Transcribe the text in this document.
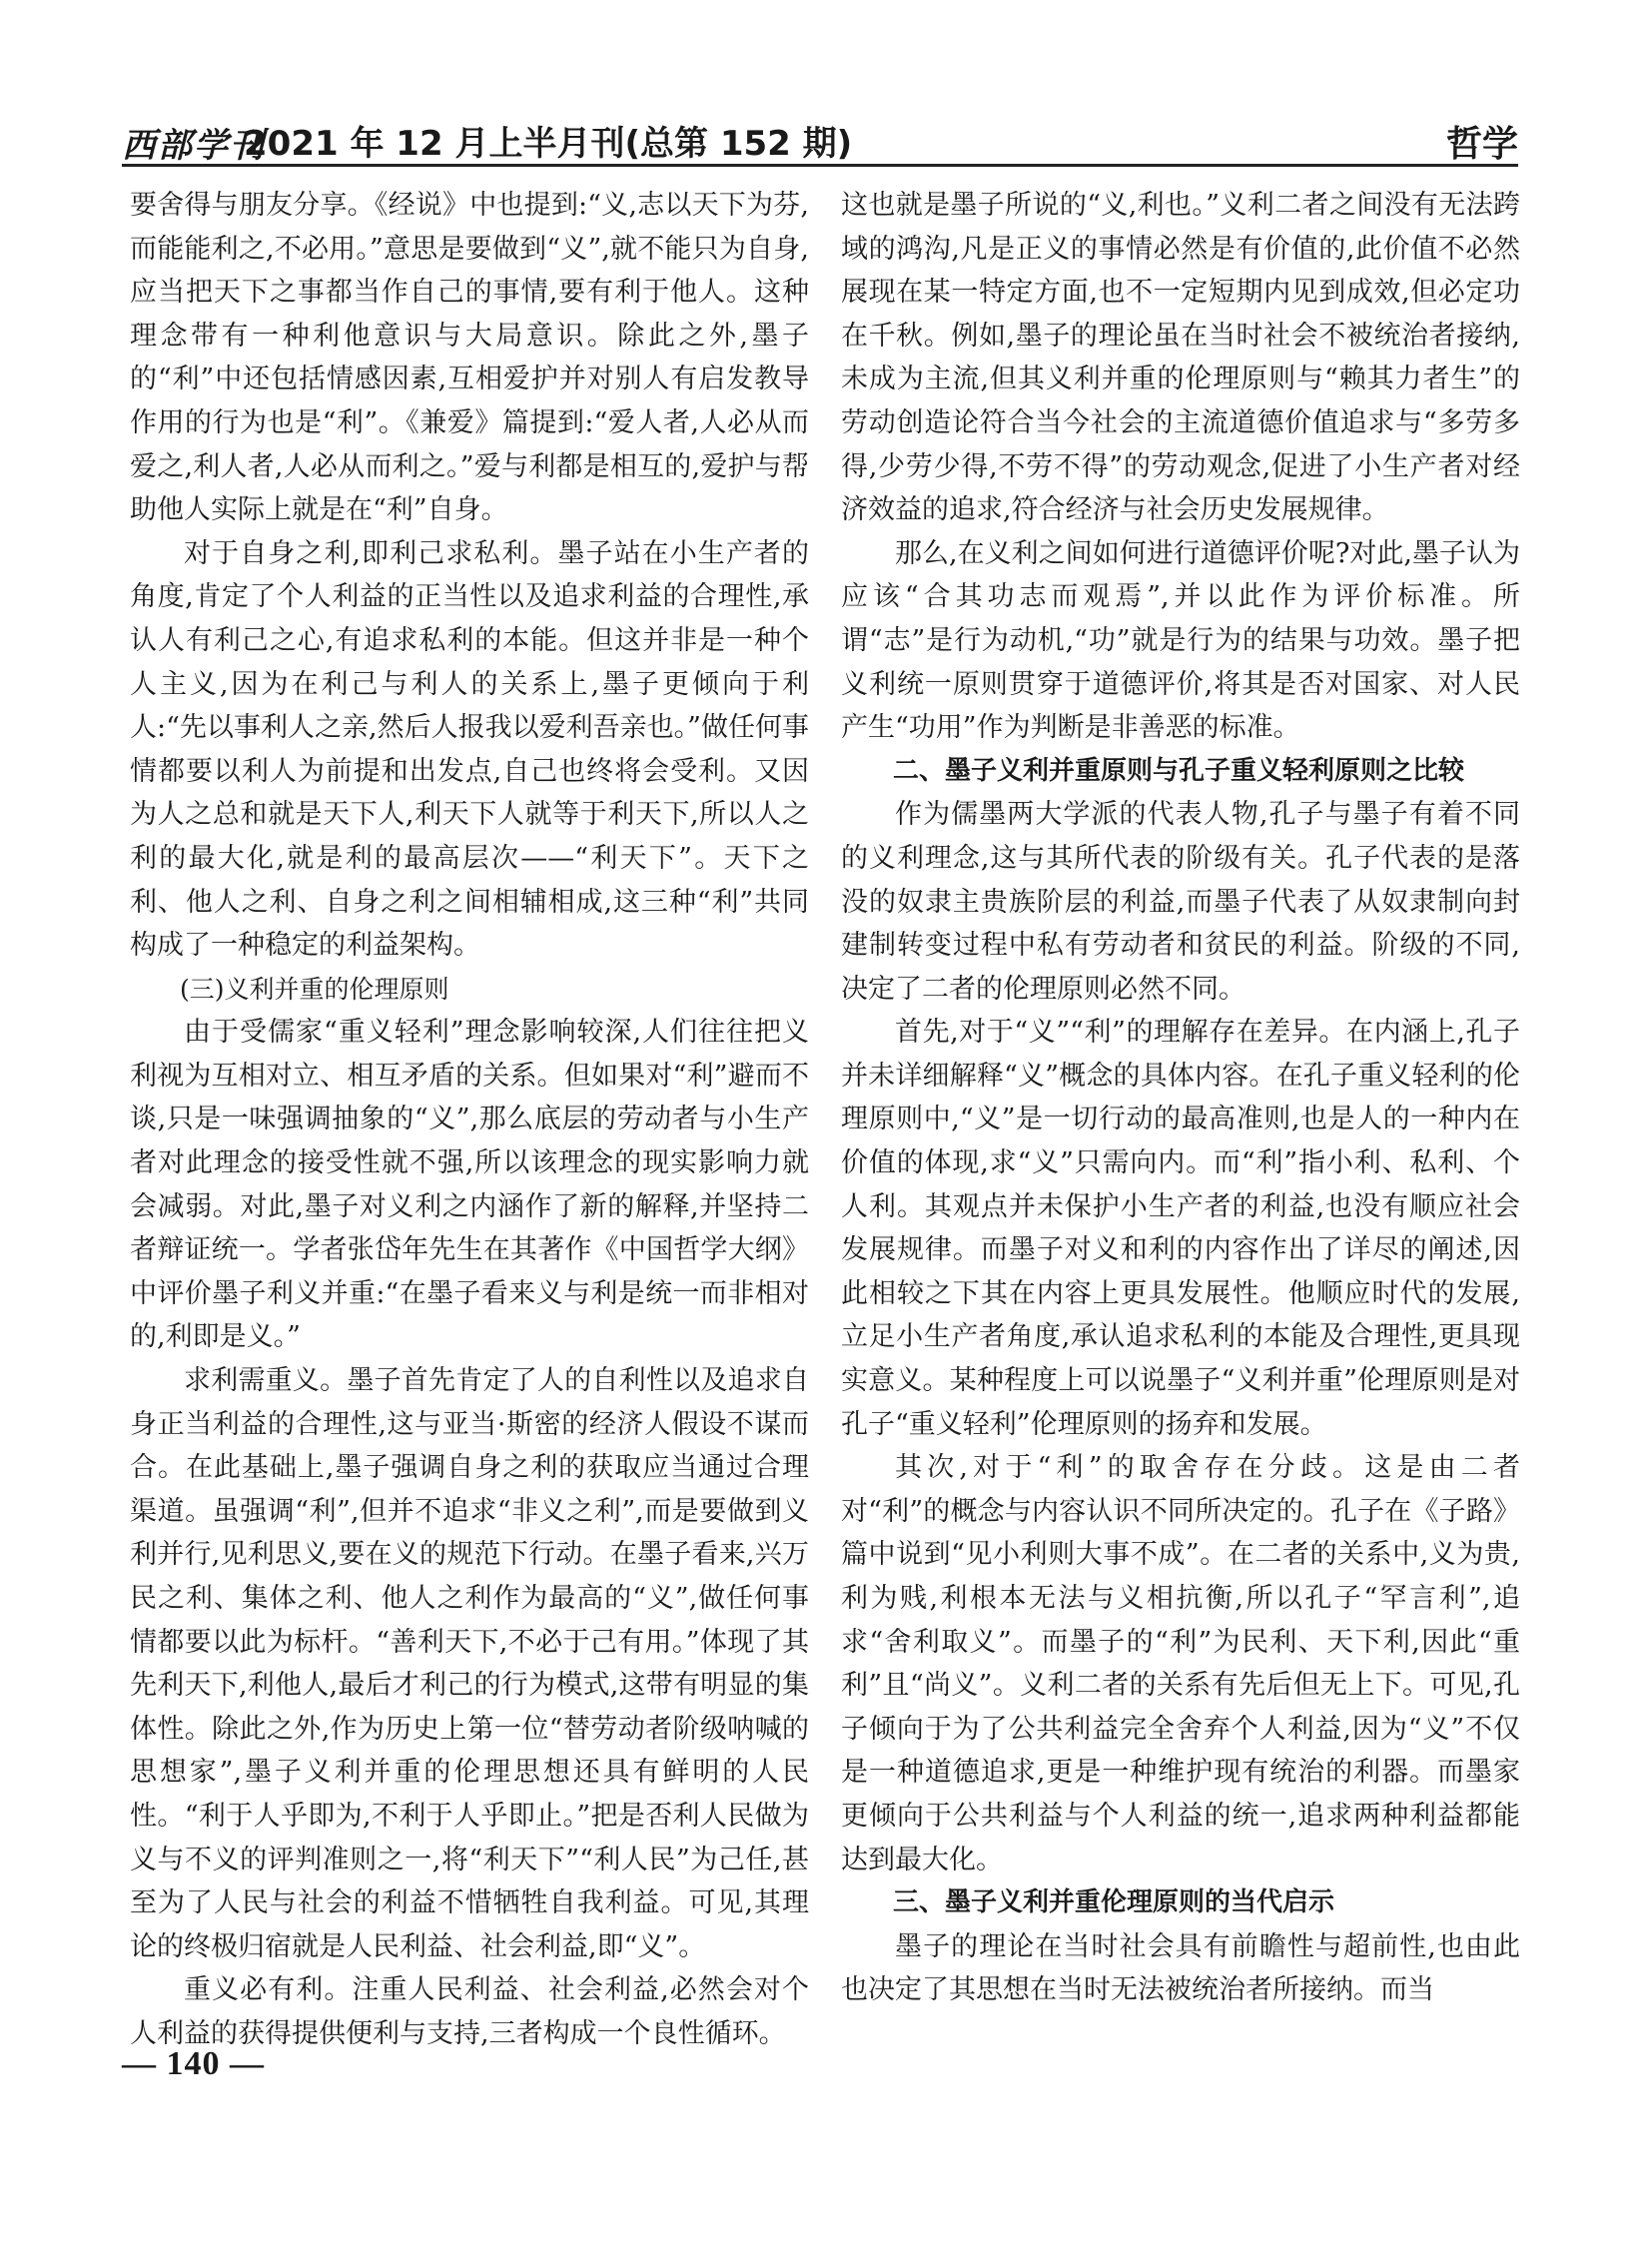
西部学刊
2021 年 12 月上半月刊(总第 152 期)	哲学

要舍得与朋友分享。《经说》中也提到:“义,志以天下为芬,而能能利之,不必用。”意思是要做到“义”,就不能只为自身,应当把天下之事都当作自己的事情,要有利于他人。这种理念带有一种利他意识与大局意识。除此之外,墨子的“利”中还包括情感因素,互相爱护并对别人有启发教导作用的行为也是“利”。《兼爱》篇提到:“爱人者,人必从而爱之,利人者,人必从而利之。”爱与利都是相互的,爱护与帮助他人实际上就是在“利”自身。

对于自身之利,即利己求私利。墨子站在小生产者的角度,肯定了个人利益的正当性以及追求利益的合理性,承认人有利己之心,有追求私利的本能。但这并非是一种个人主义,因为在利己与利人的关系上,墨子更倾向于利人:“先以事利人之亲,然后人报我以爱利吾亲也。”做任何事情都要以利人为前提和出发点,自己也终将会受利。又因为人之总和就是天下人,利天下人就等于利天下,所以人之利的最大化,就是利的最高层次——“利天下”。天下之利、他人之利、自身之利之间相辅相成,这三种“利”共同构成了一种稳定的利益架构。

(三)义利并重的伦理原则

由于受儒家“重义轻利”理念影响较深,人们往往把义利视为互相对立、相互矛盾的关系。但如果对“利”避而不谈,只是一味强调抽象的“义”,那么底层的劳动者与小生产者对此理念的接受性就不强,所以该理念的现实影响力就会减弱。对此,墨子对义利之内涵作了新的解释,并坚持二者辩证统一。学者张岱年先生在其著作《中国哲学大纲》中评价墨子利义并重:“在墨子看来义与利是统一而非相对的,利即是义。”

求利需重义。墨子首先肯定了人的自利性以及追求自身正当利益的合理性,这与亚当·斯密的经济人假设不谋而合。在此基础上,墨子强调自身之利的获取应当通过合理渠道。虽强调“利”,但并不追求“非义之利”,而是要做到义利并行,见利思义,要在义的规范下行动。在墨子看来,兴万民之利、集体之利、他人之利作为最高的“义”,做任何事情都要以此为标杆。“善利天下,不必于己有用。”体现了其先利天下,利他人,最后才利己的行为模式,这带有明显的集体性。除此之外,作为历史上第一位“替劳动者阶级呐喊的思想家”,墨子义利并重的伦理思想还具有鲜明的人民性。“利于人乎即为,不利于人乎即止。”把是否利人民做为义与不义的评判准则之一,将“利天下”“利人民”为己任,甚至为了人民与社会的利益不惜牺牲自我利益。可见,其理论的终极归宿就是人民利益、社会利益,即“义”。

重义必有利。注重人民利益、社会利益,必然会对个人利益的获得提供便利与支持,三者构成一个良性循环。

这也就是墨子所说的“义,利也。”义利二者之间没有无法跨域的鸿沟,凡是正义的事情必然是有价值的,此价值不必然展现在某一特定方面,也不一定短期内见到成效,但必定功在千秋。例如,墨子的理论虽在当时社会不被统治者接纳,未成为主流,但其义利并重的伦理原则与“赖其力者生”的劳动创造论符合当今社会的主流道德价值追求与“多劳多得,少劳少得,不劳不得”的劳动观念,促进了小生产者对经济效益的追求,符合经济与社会历史发展规律。

那么,在义利之间如何进行道德评价呢?对此,墨子认为应该“合其功志而观焉”,并以此作为评价标准。所谓“志”是行为动机,“功”就是行为的结果与功效。墨子把义利统一原则贯穿于道德评价,将其是否对国家、对人民产生“功用”作为判断是非善恶的标准。

二、墨子义利并重原则与孔子重义轻利原则之比较

作为儒墨两大学派的代表人物,孔子与墨子有着不同的义利理念,这与其所代表的阶级有关。孔子代表的是落没的奴隶主贵族阶层的利益,而墨子代表了从奴隶制向封建制转变过程中私有劳动者和贫民的利益。阶级的不同,决定了二者的伦理原则必然不同。

首先,对于“义”“利”的理解存在差异。在内涵上,孔子并未详细解释“义”概念的具体内容。在孔子重义轻利的伦理原则中,“义”是一切行动的最高准则,也是人的一种内在价值的体现,求“义”只需向内。而“利”指小利、私利、个人利。其观点并未保护小生产者的利益,也没有顺应社会发展规律。而墨子对义和利的内容作出了详尽的阐述,因此相较之下其在内容上更具发展性。他顺应时代的发展,立足小生产者角度,承认追求私利的本能及合理性,更具现实意义。某种程度上可以说墨子“义利并重”伦理原则是对孔子“重义轻利”伦理原则的扬弃和发展。

其次,对于“利”的取舍存在分歧。这是由二者对“利”的概念与内容认识不同所决定的。孔子在《子路》篇中说到“见小利则大事不成”。在二者的关系中,义为贵,利为贱,利根本无法与义相抗衡,所以孔子“罕言利”,追求“舍利取义”。而墨子的“利”为民利、天下利,因此“重利”且“尚义”。义利二者的关系有先后但无上下。可见,孔子倾向于为了公共利益完全舍弃个人利益,因为“义”不仅是一种道德追求,更是一种维护现有统治的利器。而墨家更倾向于公共利益与个人利益的统一,追求两种利益都能达到最大化。

三、墨子义利并重伦理原则的当代启示

墨子的理论在当时社会具有前瞻性与超前性,也由此也决定了其思想在当时无法被统治者所接纳。而当

— 140 —
